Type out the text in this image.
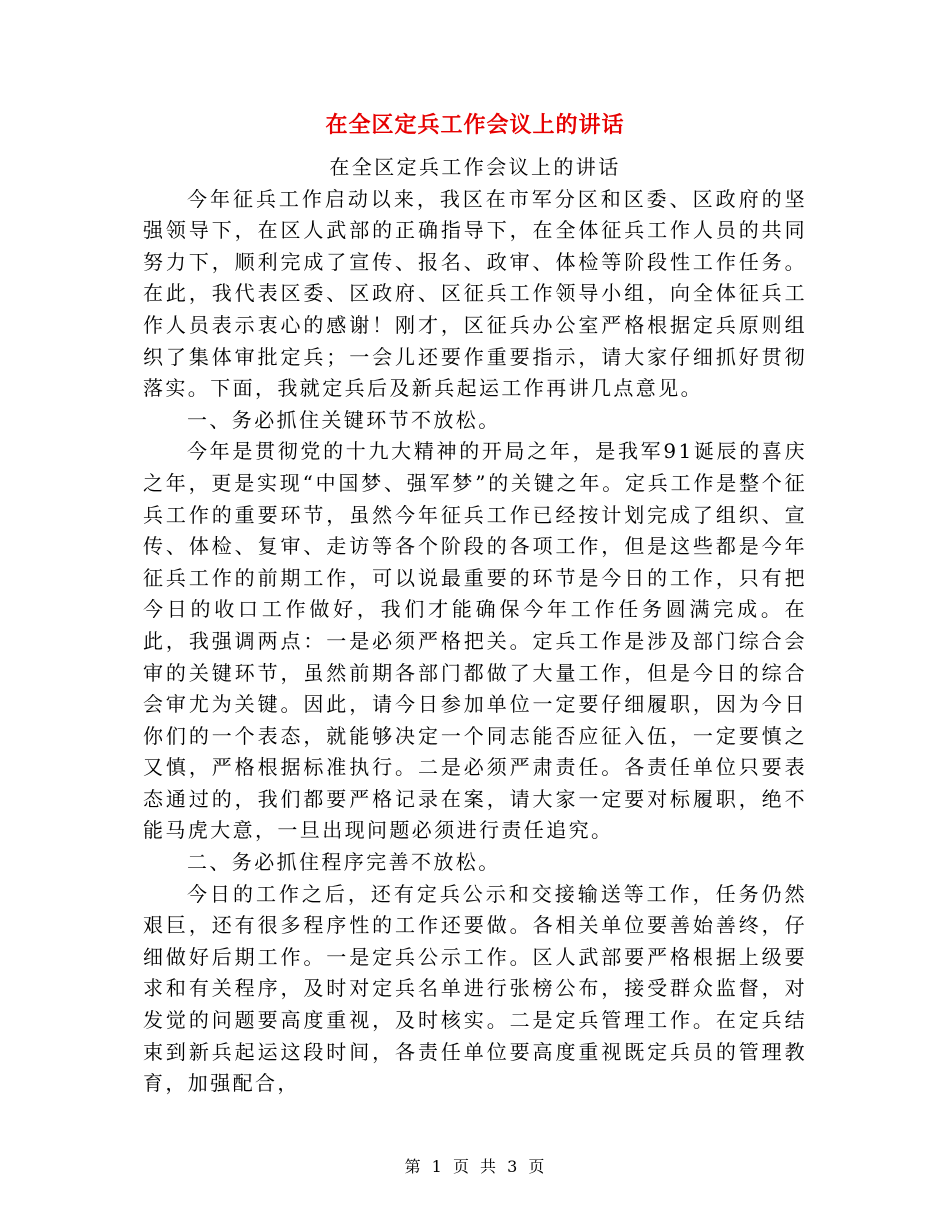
在全区定兵工作会议上的讲话

在全区定兵工作会议上的讲话

今年征兵工作启动以来，我区在市军分区和区委、区政府的坚强领导下，在区人武部的正确指导下，在全体征兵工作人员的共同努力下，顺利完成了宣传、报名、政审、体检等阶段性工作任务。在此，我代表区委、区政府、区征兵工作领导小组，向全体征兵工作人员表示衷心的感谢！刚才，区征兵办公室严格根据定兵原则组织了集体审批定兵；一会儿还要作重要指示，请大家仔细抓好贯彻落实。下面，我就定兵后及新兵起运工作再讲几点意见。

一、务必抓住关键环节不放松。

今年是贯彻党的十九大精神的开局之年，是我军91诞辰的喜庆之年，更是实现“中国梦、强军梦”的关键之年。定兵工作是整个征兵工作的重要环节，虽然今年征兵工作已经按计划完成了组织、宣传、体检、复审、走访等各个阶段的各项工作，但是这些都是今年征兵工作的前期工作，可以说最重要的环节是今日的工作，只有把今日的收口工作做好，我们才能确保今年工作任务圆满完成。在此，我强调两点：一是必须严格把关。定兵工作是涉及部门综合会审的关键环节，虽然前期各部门都做了大量工作，但是今日的综合会审尤为关键。因此，请今日参加单位一定要仔细履职，因为今日你们的一个表态，就能够决定一个同志能否应征入伍，一定要慎之又慎，严格根据标准执行。二是必须严肃责任。各责任单位只要表态通过的，我们都要严格记录在案，请大家一定要对标履职，绝不能马虎大意，一旦出现问题必须进行责任追究。

二、务必抓住程序完善不放松。

今日的工作之后，还有定兵公示和交接输送等工作，任务仍然艰巨，还有很多程序性的工作还要做。各相关单位要善始善终，仔细做好后期工作。一是定兵公示工作。区人武部要严格根据上级要求和有关程序，及时对定兵名单进行张榜公布，接受群众监督，对发觉的问题要高度重视，及时核实。二是定兵管理工作。在定兵结束到新兵起运这段时间，各责任单位要高度重视既定兵员的管理教育，加强配合，

第 1 页 共 3 页
